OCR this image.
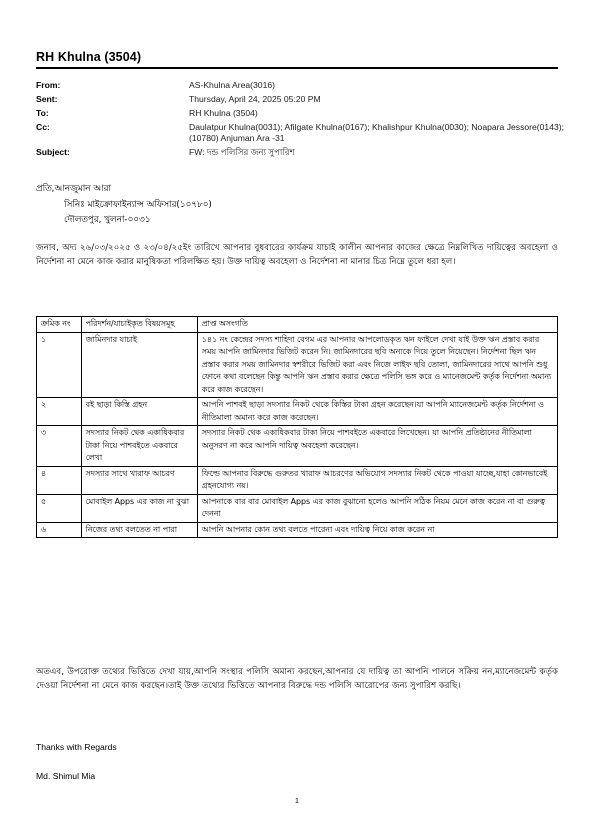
RH Khulna (3504)
From:	AS-Khulna Area(3016)
Sent:	Thursday, April 24, 2025 05:20 PM
To:	RH Khulna (3504)
Cc:	Daulatpur Khulna(0031); Afilgate Khulna(0167); Khalishpur Khulna(0030); Noapara Jessore(0143); (10780) Anjuman Ara -31
Subject:	FW: দন্ড পলিসির জন্য সুপারিশ
প্রতি,আনজুমান আরা
সিনিঃ মাইক্রোফাইন্যান্স অফিসার(১০৭৮০)
দৌলতপুর, খুলনা-০০৩১
জনাব, অদ্য ২৬/০৩/২০২৫ ও ২৩/০৪/২৫ইং তারিখে আপনার বুধবারের কার্যক্রম যাচাই কালীন আপনার কাজের ক্ষেত্রে নিম্নলিখিত দায়িত্বের অবহেলা ও নির্দেশনা না মেনে কাজ করার মানুষিকতা পরিলক্ষিত হয়। উক্ত দায়িত্ব অবহেলা ও নির্দেশনা না মানার চিত্র নিম্নে তুলে ধরা হল।
ক্রমিক নং	পরিদর্শন/যাচাইকৃত বিষয়সমূহ	প্রাপ্ত অসংগতি
১	জামিনদার যাচাই	১৪১ নং কেন্দ্রের সদস্য শাহিদা বেগম এর আপনার আপলোডকৃত ঋন ফাইলে দেখা যাই উক্ত ঋন প্রস্তাব করার সময় আপনি জামিনদার ভিজিট করেন নি। জামিনদারের ছবি অন্যকে দিয়ে তুলে নিয়েছেন। নির্দেশনা ছিল ঋন প্রস্তাব করার সময় জামিনদার স্বশরীরে ভিজিট করা এবং নিজে লাইফ ছবি তোলা, জামিনদারের সাথে আপনি শুধু ফোনে কথা বলেছেন কিন্তু আপনি ঋন প্রস্তাব করার ক্ষেত্রে পলিসি ভঙ্গ করে ও ম্যানেজমেন্ট কর্তৃক নির্দেশনা অমান্য করে কাজ করেছেন।
২	বই ছাড়া কিস্তি গ্রহন	আপনি পাশবই ছাড়া সদস্যার নিকট থেকে কিস্তির টাকা গ্রহন করেছেন।যা আপনি ম্যানেজমেন্ট কর্তৃক নির্দেশনা ও নীতিমালা অমান্য করে কাজ করেছেন।
৩	সদস্যার নিকট থেক একাধিকবার টাকা নিয়ে পাশবইতে একবারে লেখা	সদস্যার নিকট থেক একাধিকবার টাকা নিয়ে পাশবইতে একবারে লিখেছেন। যা আপনি প্রতিষ্ঠানের নীতিমালা অনুসরণ না করে আপনি দায়িত্ব অবহেলা করেছেন।
৪	সদস্যার সাথে খারাফ আচরণ	ফিল্ডে আপনার বিরুদ্ধে গুরুতর খারাফ আচরণের অভিযোগ সদস্যার নিকট থেকে পাওয়া যাচ্ছে,যাহা কোনভাবেই গ্রহনযোগ্য নয়।
৫	মোবাইল Apps এর কাজ না বুঝা	আপনাকে বার বার মোবাইল Apps এর কাজ বুঝানো হলেও আপনি সঠিক নিয়ম মেনে কাজ করেন না বা গুরুত্ব দেননা
৬	নিজের তথ্য বলতেত না পারা	আপনি আপনার কোন তথ্য বলতে পারেনা এবং দায়িত্ব নিয়ে কাজ করেন না
অতএব, উপরোক্ত তথ্যের ভিত্তিতে দেখা যায়,আপনি সংস্থার পলিসি অমান্য করছেন,আপনার যে দায়িত্ব তা আপনি পালনে সক্রিয় নন,ম্যানেজমেন্ট কর্তৃক দেওয়া নির্দেশনা না মেনে কাজ করছেন।তাই উক্ত তথ্যের ভিত্তিতে আপনার বিরুদ্ধে দন্ড পলিসি আরোপের জন্য সুপারিশ করছি।
Thanks with Regards
Md. Shimul Mia
1
